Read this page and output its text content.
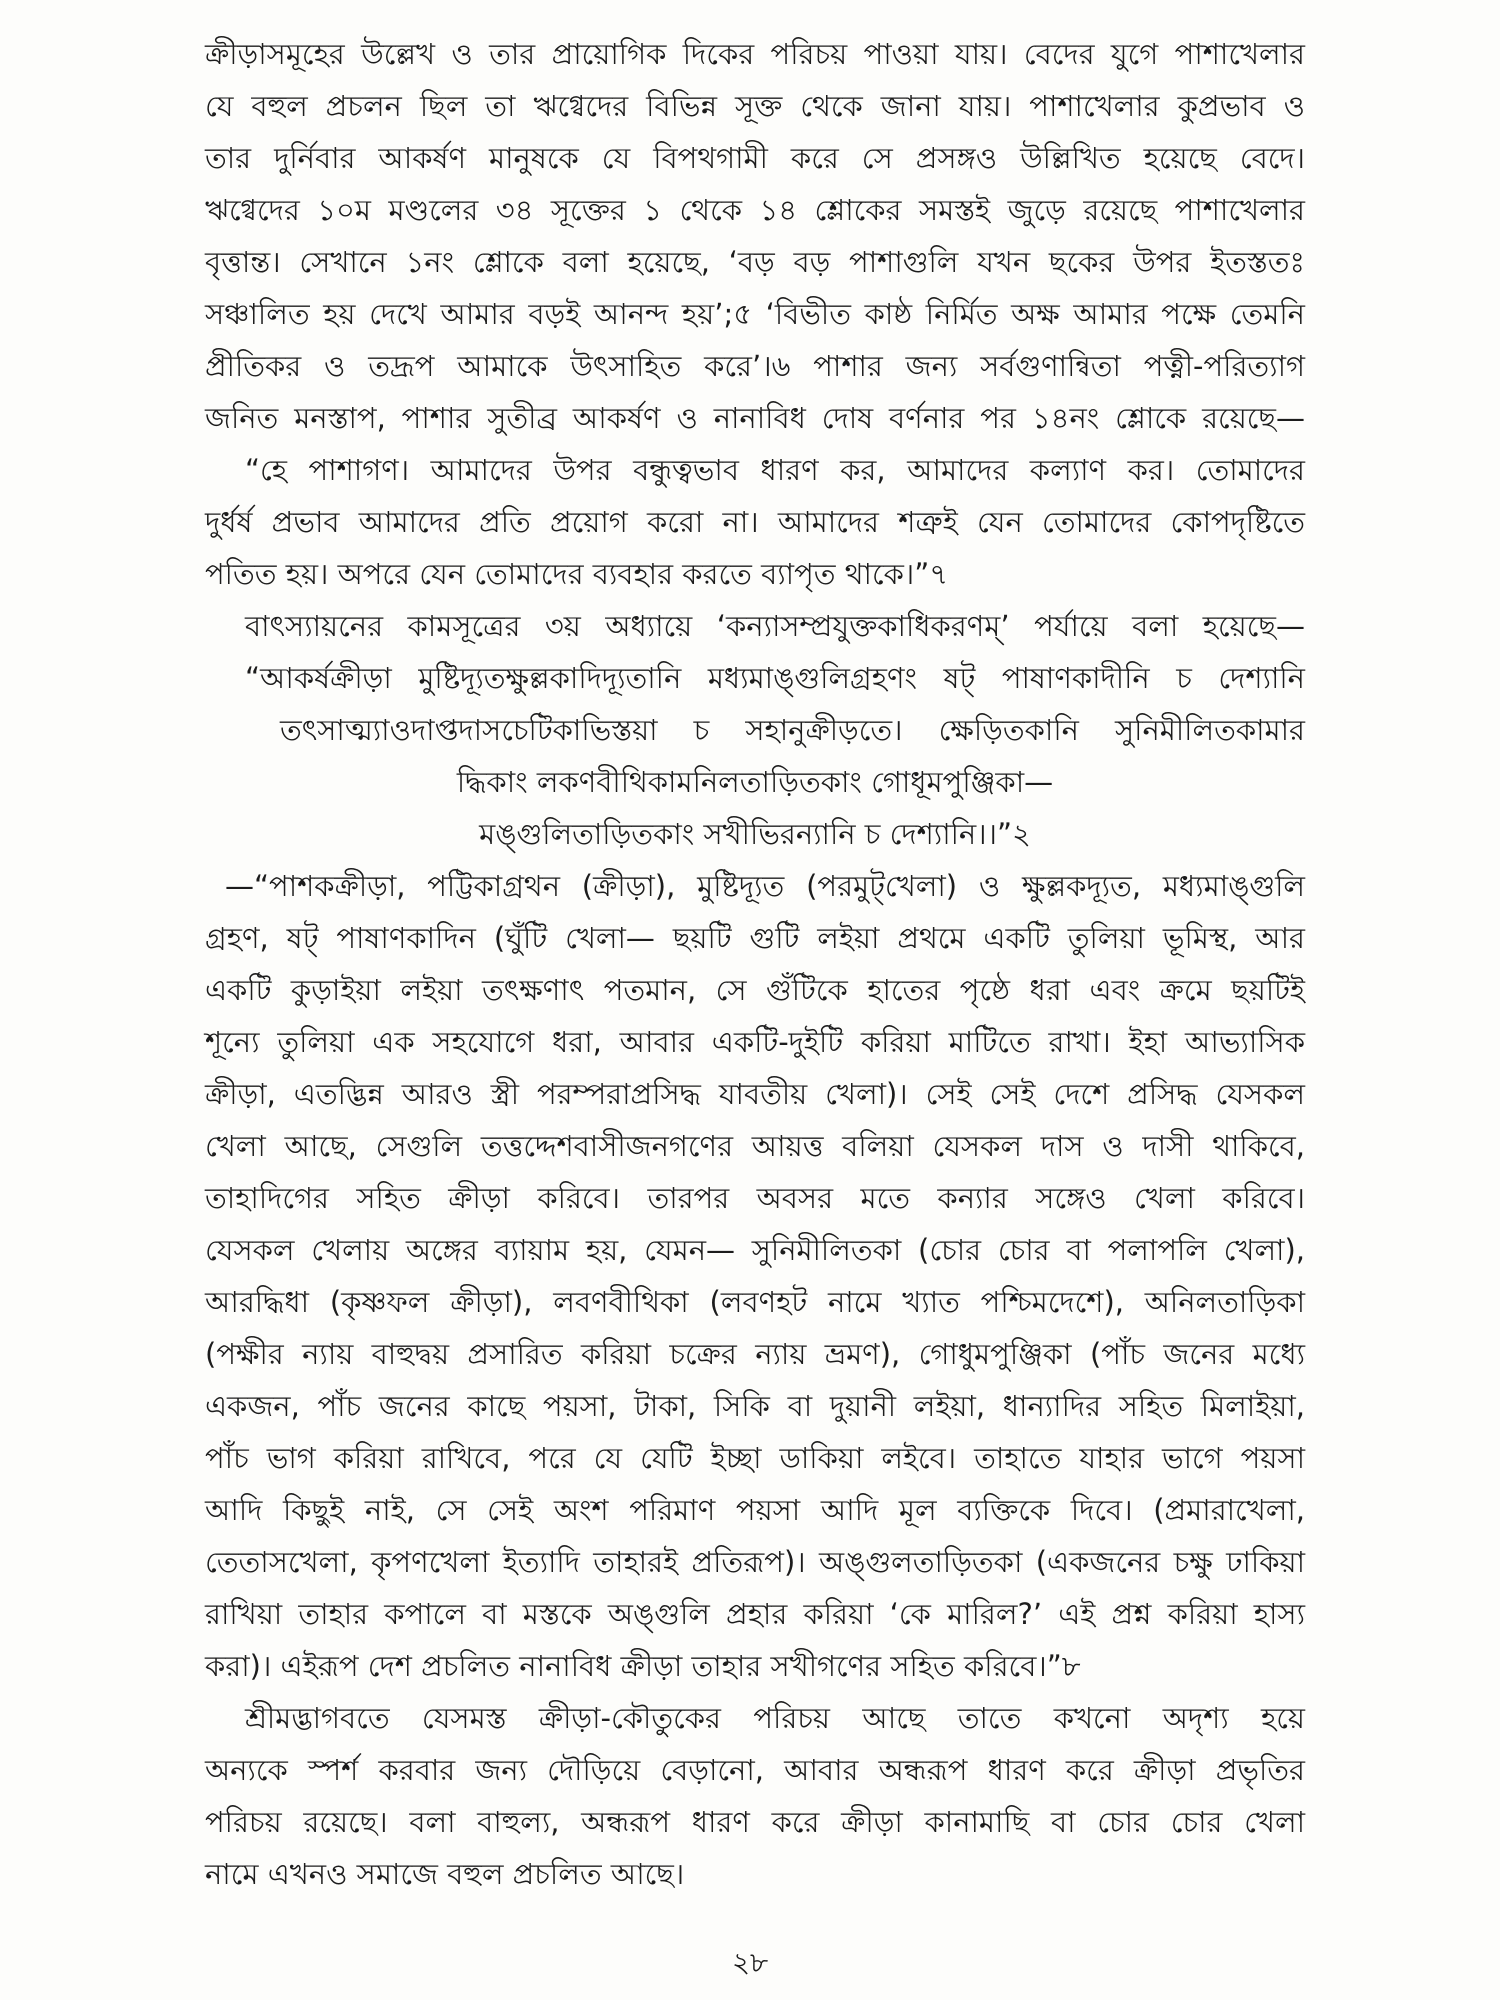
ক্রীড়াসমূহের উল্লেখ ও তার প্রায়োগিক দিকের পরিচয় পাওয়া যায়। বেদের যুগে পাশাখেলার
যে বহুল প্রচলন ছিল তা ঋগ্বেদের বিভিন্ন সূক্ত থেকে জানা যায়। পাশাখেলার কুপ্রভাব ও
তার দুর্নিবার আকর্ষণ মানুষকে যে বিপথগামী করে সে প্রসঙ্গও উল্লিখিত হয়েছে বেদে।
ঋগ্বেদের ১০ম মণ্ডলের ৩৪ সূক্তের ১ থেকে ১৪ শ্লোকের সমস্তই জুড়ে রয়েছে পাশাখেলার
বৃত্তান্ত। সেখানে ১নং শ্লোকে বলা হয়েছে, ‘বড় বড় পাশাগুলি যখন ছকের উপর ইতস্ততঃ
সঞ্চালিত হয় দেখে আমার বড়ই আনন্দ হয়’;৫ ‘বিভীত কাষ্ঠ নির্মিত অক্ষ আমার পক্ষে তেমনি
প্রীতিকর ও তদ্রূপ আমাকে উৎসাহিত করে’।৬ পাশার জন্য সর্বগুণান্বিতা পত্নী-পরিত্যাগ
জনিত মনস্তাপ, পাশার সুতীব্র আকর্ষণ ও নানাবিধ দোষ বর্ণনার পর ১৪নং শ্লোকে রয়েছে—
“হে পাশাগণ। আমাদের উপর বন্ধুত্বভাব ধারণ কর, আমাদের কল্যাণ কর। তোমাদের
দুর্ধর্ষ প্রভাব আমাদের প্রতি প্রয়োগ করো না। আমাদের শত্রুই যেন তোমাদের কোপদৃষ্টিতে
পতিত হয়। অপরে যেন তোমাদের ব্যবহার করতে ব্যাপৃত থাকে।”৭
বাৎস্যায়নের কামসূত্রের ৩য় অধ্যায়ে ‘কন্যাসম্প্রযুক্তকাধিকরণম্’ পর্যায়ে বলা হয়েছে—
“আকর্ষক্রীড়া মুষ্টিদ্যূতক্ষুল্লকাদিদ্যূতানি মধ্যমাঙ্গুলিগ্রহণং ষট্ পাষাণকাদীনি চ দেশ্যানি
তৎসাত্ম্যাওদাপ্তদাসচেটিকাভিস্তয়া চ সহানুক্রীড়তে। ক্ষেড়িতকানি সুনিমীলিতকামার
দ্ধিকাং লকণবীথিকামনিলতাড়িতকাং গোধূমপুঞ্জিকা—
মঙ্গুলিতাড়িতকাং সখীভিরন্যানি চ দেশ্যানি।।”২
—“পাশকক্রীড়া, পট্টিকাগ্রথন (ক্রীড়া), মুষ্টিদ্যূত (পরমুট্‌খেলা) ও ক্ষুল্লকদ্যূত, মধ্যমাঙ্গুলি
গ্রহণ, ষট্ পাষাণকাদিন (ঘুঁটি খেলা— ছয়টি গুটি লইয়া প্রথমে একটি তুলিয়া ভূমিস্থ, আর
একটি কুড়াইয়া লইয়া তৎক্ষণাৎ পতমান, সে গুঁটিকে হাতের পৃষ্ঠে ধরা এবং ক্রমে ছয়টিই
শূন্যে তুলিয়া এক সহযোগে ধরা, আবার একটি-দুইটি করিয়া মাটিতে রাখা। ইহা আভ্যাসিক
ক্রীড়া, এতদ্ভিন্ন আরও স্ত্রী পরম্পরাপ্রসিদ্ধ যাবতীয় খেলা)। সেই সেই দেশে প্রসিদ্ধ যেসকল
খেলা আছে, সেগুলি তত্তদ্দেশবাসীজনগণের আয়ত্ত বলিয়া যেসকল দাস ও দাসী থাকিবে,
তাহাদিগের সহিত ক্রীড়া করিবে। তারপর অবসর মতে কন্যার সঙ্গেও খেলা করিবে।
যেসকল খেলায় অঙ্গের ব্যায়াম হয়, যেমন— সুনিমীলিতকা (চোর চোর বা পলাপলি খেলা),
আরদ্ধিধা (কৃষ্ণফল ক্রীড়া), লবণবীথিকা (লবণহট নামে খ্যাত পশ্চিমদেশে), অনিলতাড়িকা
(পক্ষীর ন্যায় বাহুদ্বয় প্রসারিত করিয়া চক্রের ন্যায় ভ্রমণ), গোধুমপুঞ্জিকা (পাঁচ জনের মধ্যে
একজন, পাঁচ জনের কাছে পয়সা, টাকা, সিকি বা দুয়ানী লইয়া, ধান্যাদির সহিত মিলাইয়া,
পাঁচ ভাগ করিয়া রাখিবে, পরে যে যেটি ইচ্ছা ডাকিয়া লইবে। তাহাতে যাহার ভাগে পয়সা
আদি কিছুই নাই, সে সেই অংশ পরিমাণ পয়সা আদি মূল ব্যক্তিকে দিবে। (প্রমারাখেলা,
তেতাসখেলা, কৃপণখেলা ইত্যাদি তাহারই প্রতিরূপ)। অঙ্গুলতাড়িতকা (একজনের চক্ষু ঢাকিয়া
রাখিয়া তাহার কপালে বা মস্তকে অঙ্গুলি প্রহার করিয়া ‘কে মারিল?’ এই প্রশ্ন করিয়া হাস্য
করা)। এইরূপ দেশ প্রচলিত নানাবিধ ক্রীড়া তাহার সখীগণের সহিত করিবে।”৮
শ্রীমদ্ভাগবতে যেসমস্ত ক্রীড়া-কৌতুকের পরিচয় আছে তাতে কখনো অদৃশ্য হয়ে
অন্যকে স্পর্শ করবার জন্য দৌড়িয়ে বেড়ানো, আবার অন্ধরূপ ধারণ করে ক্রীড়া প্রভৃতির
পরিচয় রয়েছে। বলা বাহুল্য, অন্ধরূপ ধারণ করে ক্রীড়া কানামাছি বা চোর চোর খেলা
নামে এখনও সমাজে বহুল প্রচলিত আছে।
২৮
